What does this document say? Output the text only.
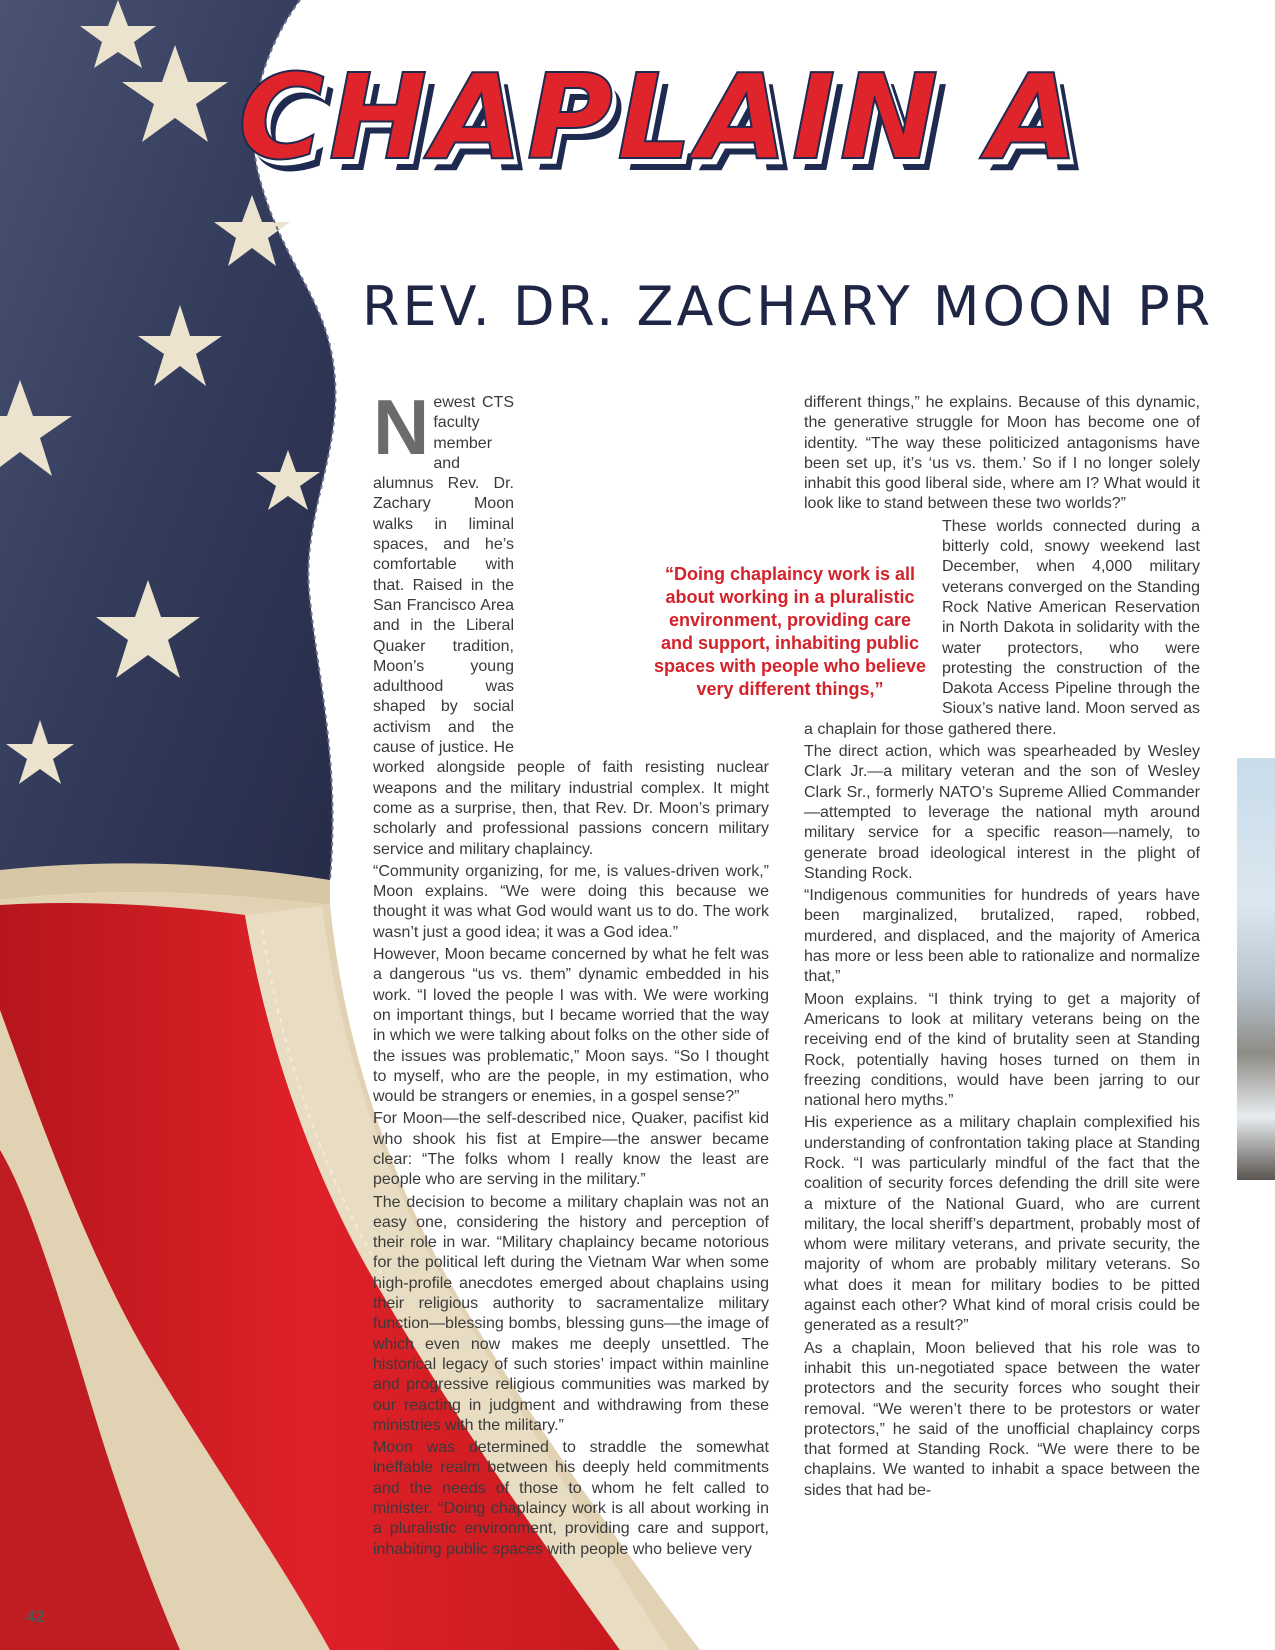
CHAPLAIN A
REV. DR. ZACHARY MOON PR
N ewest CTS faculty member and alumnus Rev. Dr. Zachary Moon walks in liminal spaces, and he’s comfortable with that. Raised in the San Francisco Area and in the Liberal Quaker tradition, Moon’s young adulthood was shaped by social activism and the cause of justice. He worked alongside people of faith resisting nuclear weapons and the military industrial complex. It might come as a surprise, then, that Rev. Dr. Moon’s primary scholarly and professional passions concern military service and military chaplaincy.

“Community organizing, for me, is values-driven work,” Moon explains. “We were doing this because we thought it was what God would want us to do. The work wasn’t just a good idea; it was a God idea.”

However, Moon became concerned by what he felt was a dangerous “us vs. them” dynamic embedded in his work. “I loved the people I was with. We were working on important things, but I became worried that the way in which we were talking about folks on the other side of the issues was problematic,” Moon says. “So I thought to myself, who are the people, in my estimation, who would be strangers or enemies, in a gospel sense?”

For Moon—the self-described nice, Quaker, pacifist kid who shook his fist at Empire—the answer became clear: “The folks whom I really know the least are people who are serving in the military.”

The decision to become a military chaplain was not an easy one, considering the history and perception of their role in war. “Military chaplaincy became notorious for the political left during the Vietnam War when some high-profile anecdotes emerged about chaplains using their religious authority to sacramentalize military function—blessing bombs, blessing guns—the image of which even now makes me deeply unsettled. The historical legacy of such stories’ impact within mainline and progressive religious communities was marked by our reacting in judgment and withdrawing from these ministries with the military.”

Moon was determined to straddle the somewhat ineffable realm between his deeply held commitments and the needs of those to whom he felt called to minister. “Doing chaplaincy work is all about working in a pluralistic environment, providing care and support, inhabiting public spaces with people who believe very

“Doing chaplaincy work is all about working in a pluralistic environment, providing care and support, inhabiting public spaces with people who believe very different things,”

different things,” he explains. Because of this dynamic, the generative struggle for Moon has become one of identity. “The way these politicized antagonisms have been set up, it’s ‘us vs. them.’ So if I no longer solely inhabit this good liberal side, where am I? What would it look like to stand between these two worlds?”

These worlds connected during a bitterly cold, snowy weekend last December, when 4,000 military veterans converged on the Standing Rock Native American Reservation in North Dakota in solidarity with the water protectors, who were protesting the construction of the Dakota Access Pipeline through the Sioux’s native land. Moon served as a chaplain for those gathered there.

The direct action, which was spearheaded by Wesley Clark Jr.—a military veteran and the son of Wesley Clark Sr., formerly NATO’s Supreme Allied Commander—attempted to leverage the national myth around military service for a specific reason—namely, to generate broad ideological interest in the plight of Standing Rock.

“Indigenous communities for hundreds of years have been marginalized, brutalized, raped, robbed, murdered, and displaced, and the majority of America has more or less been able to rationalize and normalize that,”

Moon explains. “I think trying to get a majority of Americans to look at military veterans being on the receiving end of the kind of brutality seen at Standing Rock, potentially having hoses turned on them in freezing conditions, would have been jarring to our national hero myths.”

His experience as a military chaplain complexified his understanding of confrontation taking place at Standing Rock. “I was particularly mindful of the fact that the coalition of security forces defending the drill site were a mixture of the National Guard, who are current military, the local sheriff’s department, probably most of whom were military veterans, and private security, the majority of whom are probably military veterans. So what does it mean for military bodies to be pitted against each other? What kind of moral crisis could be generated as a result?”

As a chaplain, Moon believed that his role was to inhabit this un-negotiated space between the water protectors and the security forces who sought their removal. “We weren’t there to be protestors or water protectors,” he said of the unofficial chaplaincy corps that formed at Standing Rock. “We were there to be chaplains. We wanted to inhabit a space between the sides that had be-

42
